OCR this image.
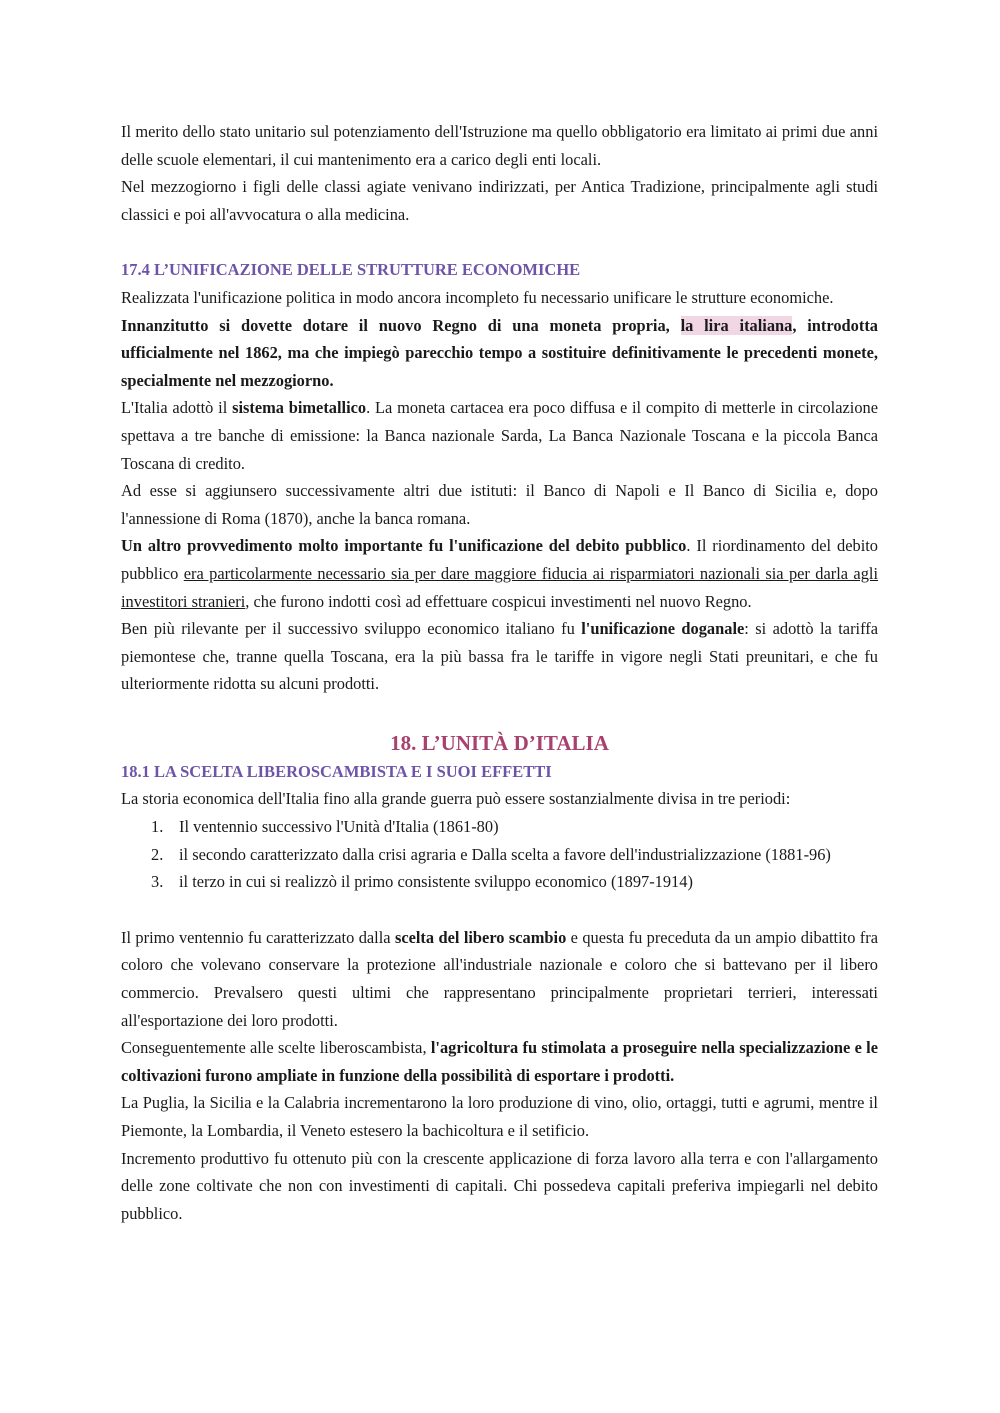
Il merito dello stato unitario sul potenziamento dell'Istruzione ma quello obbligatorio era limitato ai primi due anni delle scuole elementari, il cui mantenimento era a carico degli enti locali.

Nel mezzogiorno i figli delle classi agiate venivano indirizzati, per Antica Tradizione, principalmente agli studi classici e poi all'avvocatura o alla medicina.

17.4 L’UNIFICAZIONE DELLE STRUTTURE ECONOMICHE

Realizzata l'unificazione politica in modo ancora incompleto fu necessario unificare le strutture economiche.

Innanzitutto si dovette dotare il nuovo Regno di una moneta propria, la lira italiana, introdotta ufficialmente nel 1862, ma che impiegò parecchio tempo a sostituire definitivamente le precedenti monete, specialmente nel mezzogiorno.

L'Italia adottò il sistema bimetallico. La moneta cartacea era poco diffusa e il compito di metterle in circolazione spettava a tre banche di emissione: la Banca nazionale Sarda, La Banca Nazionale Toscana e la piccola Banca Toscana di credito.

Ad esse si aggiunsero successivamente altri due istituti: il Banco di Napoli e Il Banco di Sicilia e, dopo l'annessione di Roma (1870), anche la banca romana.

Un altro provvedimento molto importante fu l'unificazione del debito pubblico. Il riordinamento del debito pubblico era particolarmente necessario sia per dare maggiore fiducia ai risparmiatori nazionali sia per darla agli investitori stranieri, che furono indotti così ad effettuare cospicui investimenti nel nuovo Regno.

Ben più rilevante per il successivo sviluppo economico italiano fu l'unificazione doganale: si adottò la tariffa piemontese che, tranne quella Toscana, era la più bassa fra le tariffe in vigore negli Stati preunitari, e che fu ulteriormente ridotta su alcuni prodotti.

18. L’UNITÀ D’ITALIA
18.1 LA SCELTA LIBEROSCAMBISTA E I SUOI EFFETTI

La storia economica dell'Italia fino alla grande guerra può essere sostanzialmente divisa in tre periodi:

1. Il ventennio successivo l'Unità d'Italia (1861-80)
2. il secondo caratterizzato dalla crisi agraria e Dalla scelta a favore dell'industrializzazione (1881-96)
3. il terzo in cui si realizzò il primo consistente sviluppo economico (1897-1914)

Il primo ventennio fu caratterizzato dalla scelta del libero scambio e questa fu preceduta da un ampio dibattito fra coloro che volevano conservare la protezione all'industriale nazionale e coloro che si battevano per il libero commercio. Prevalsero questi ultimi che rappresentano principalmente proprietari terrieri, interessati all'esportazione dei loro prodotti.

Conseguentemente alle scelte liberoscambista, l'agricoltura fu stimolata a proseguire nella specializzazione e le coltivazioni furono ampliate in funzione della possibilità di esportare i prodotti.

La Puglia, la Sicilia e la Calabria incrementarono la loro produzione di vino, olio, ortaggi, tutti e agrumi, mentre il Piemonte, la Lombardia, il Veneto estesero la bachicoltura e il setificio.

Incremento produttivo fu ottenuto più con la crescente applicazione di forza lavoro alla terra e con l'allargamento delle zone coltivate che non con investimenti di capitali. Chi possedeva capitali preferiva impiegarli nel debito pubblico.
